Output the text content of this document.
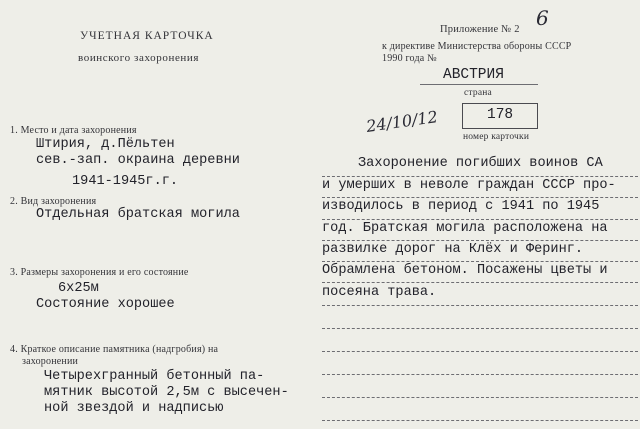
УЧЕТНАЯ КАРТОЧКА
воинского захоронения
Приложение № 2 6
к директиве Министерства обороны СССР
1990 года №
АВСТРИЯ
страна
24/10/12	178
номер карточки
1. Место и дата захоронения
Штирия, д.Пёльтен
сев.-зап. окраина деревни
1941-1945г.г.
2. Вид захоронения
Отдельная братская могила
3. Размеры захоронения и его состояние
6х25м
Состояние хорошее
4. Краткое описание памятника (надгробия) на
захоронении
Четырехгранный бетонный па-
мятник высотой 2,5м с высечен-
ной звездой и надписью
Захоронение погибших воинов СА
и умерших в неволе граждан СССР про-
изводилось в период с 1941 по 1945
год. Братская могила расположена на
развилке дорог на Клёх и Феринг.
Обрамлена бетоном. Посажены цветы и
посеяна трава.
